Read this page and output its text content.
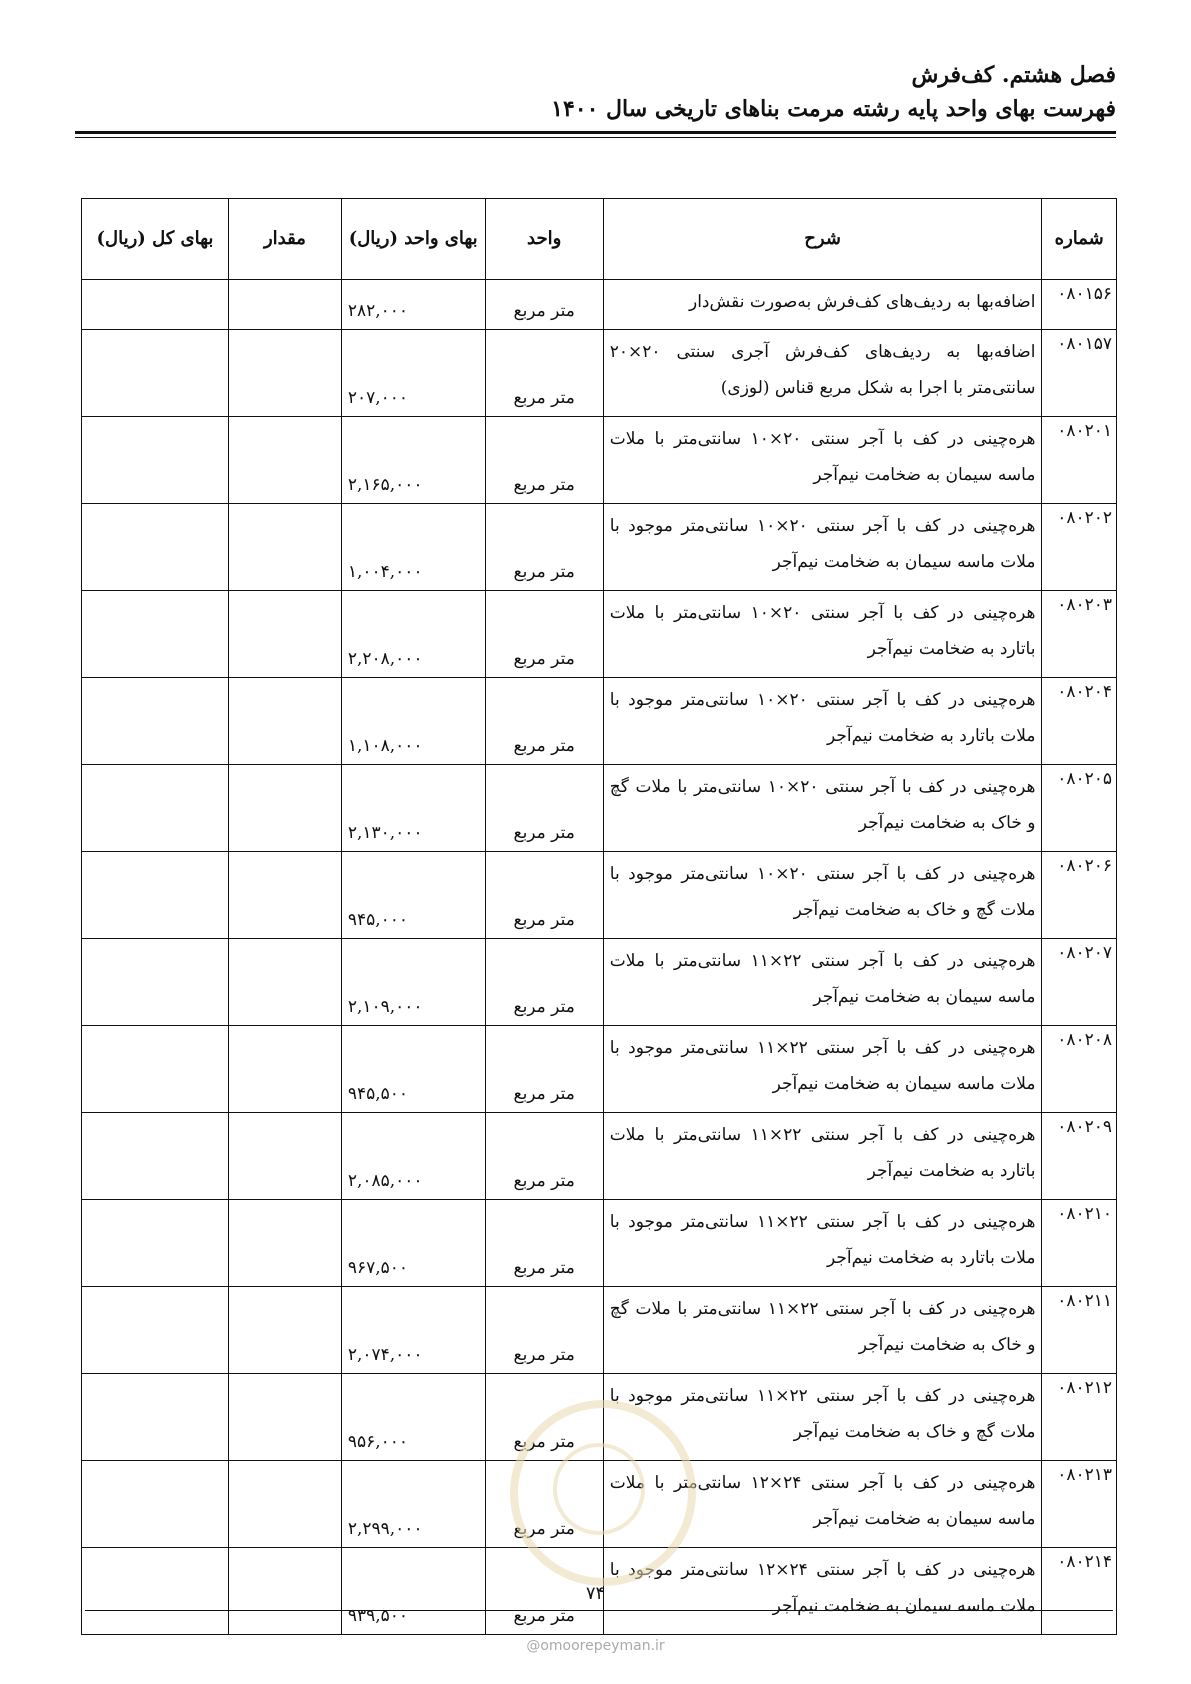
فصل هشتم. کف‌فرش
فهرست بهای واحد پایه رشته مرمت بناهای تاریخی سال ۱۴۰۰
شماره	شرح	واحد	بهای واحد (ریال)	مقدار	بهای کل (ریال)
۰۸۰۱۵۶	اضافه‌بها به ردیف‌های کف‌فرش به‌صورت نقش‌دار	متر مربع	۲۸۲,۰۰۰		
۰۸۰۱۵۷	اضافه‌بها به ردیف‌های کف‌فرش آجری سنتی ۲۰×۲۰ سانتی‌متر با اجرا به شکل مربع قناس (لوزی)	متر مربع	۲۰۷,۰۰۰		
۰۸۰۲۰۱	هره‌چینی در کف با آجر سنتی ۲۰×۱۰ سانتی‌متر با ملات ماسه سیمان به ضخامت نیم‌آجر	متر مربع	۲,۱۶۵,۰۰۰		
۰۸۰۲۰۲	هره‌چینی در کف با آجر سنتی ۲۰×۱۰ سانتی‌متر موجود با ملات ماسه سیمان به ضخامت نیم‌آجر	متر مربع	۱,۰۰۴,۰۰۰		
۰۸۰۲۰۳	هره‌چینی در کف با آجر سنتی ۲۰×۱۰ سانتی‌متر با ملات باتارد به ضخامت نیم‌آجر	متر مربع	۲,۲۰۸,۰۰۰		
۰۸۰۲۰۴	هره‌چینی در کف با آجر سنتی ۲۰×۱۰ سانتی‌متر موجود با ملات باتارد به ضخامت نیم‌آجر	متر مربع	۱,۱۰۸,۰۰۰		
۰۸۰۲۰۵	هره‌چینی در کف با آجر سنتی ۲۰×۱۰ سانتی‌متر با ملات گچ و خاک به ضخامت نیم‌آجر	متر مربع	۲,۱۳۰,۰۰۰		
۰۸۰۲۰۶	هره‌چینی در کف با آجر سنتی ۲۰×۱۰ سانتی‌متر موجود با ملات گچ و خاک به ضخامت نیم‌آجر	متر مربع	۹۴۵,۰۰۰		
۰۸۰۲۰۷	هره‌چینی در کف با آجر سنتی ۲۲×۱۱ سانتی‌متر با ملات ماسه سیمان به ضخامت نیم‌آجر	متر مربع	۲,۱۰۹,۰۰۰		
۰۸۰۲۰۸	هره‌چینی در کف با آجر سنتی ۲۲×۱۱ سانتی‌متر موجود با ملات ماسه سیمان به ضخامت نیم‌آجر	متر مربع	۹۴۵,۵۰۰		
۰۸۰۲۰۹	هره‌چینی در کف با آجر سنتی ۲۲×۱۱ سانتی‌متر با ملات باتارد به ضخامت نیم‌آجر	متر مربع	۲,۰۸۵,۰۰۰		
۰۸۰۲۱۰	هره‌چینی در کف با آجر سنتی ۲۲×۱۱ سانتی‌متر موجود با ملات باتارد به ضخامت نیم‌آجر	متر مربع	۹۶۷,۵۰۰		
۰۸۰۲۱۱	هره‌چینی در کف با آجر سنتی ۲۲×۱۱ سانتی‌متر با ملات گچ و خاک به ضخامت نیم‌آجر	متر مربع	۲,۰۷۴,۰۰۰		
۰۸۰۲۱۲	هره‌چینی در کف با آجر سنتی ۲۲×۱۱ سانتی‌متر موجود با ملات گچ و خاک به ضخامت نیم‌آجر	متر مربع	۹۵۶,۰۰۰		
۰۸۰۲۱۳	هره‌چینی در کف با آجر سنتی ۲۴×۱۲ سانتی‌متر با ملات ماسه سیمان به ضخامت نیم‌آجر	متر مربع	۲,۲۹۹,۰۰۰		
۰۸۰۲۱۴	هره‌چینی در کف با آجر سنتی ۲۴×۱۲ سانتی‌متر موجود با ملات ماسه سیمان به ضخامت نیم‌آجر	متر مربع	۹۳۹,۵۰۰		
۷۴
@omoorepeyman.ir
